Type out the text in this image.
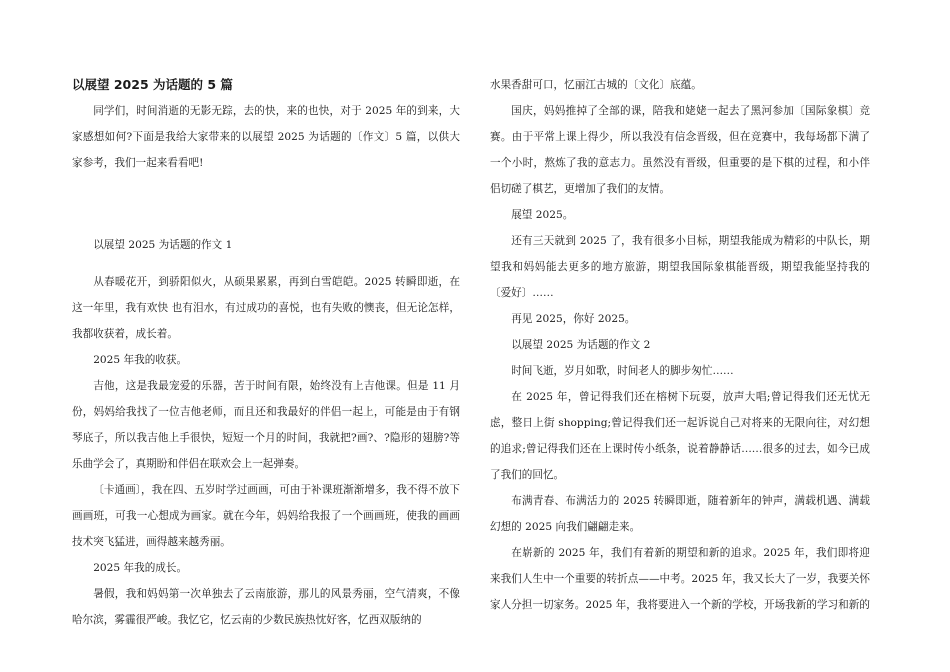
以展望 2025 为话题的 5 篇

同学们，时间消逝的无影无踪，去的快，来的也快，对于 2025 年的到来，大家感想如何?下面是我给大家带来的以展望 2025 为话题的〔作文〕5 篇，以供大家参考，我们一起来看看吧!

以展望 2025 为话题的作文 1

从春暖花开，到骄阳似火，从硕果累累，再到白雪皑皑。2025 转瞬即逝，在这一年里，我有欢快 也有泪水，有过成功的喜悦，也有失败的懊丧，但无论怎样，我都收获着，成长着。

2025 年我的收获。

吉他，这是我最宠爱的乐器，苦于时间有限，始终没有上吉他课。但是 11 月份，妈妈给我找了一位吉他老师，而且还和我最好的伴侣一起上，可能是由于有钢琴底子，所以我吉他上手很快，短短一个月的时间，我就把?画?、?隐形的翅膀?等乐曲学会了，真期盼和伴侣在联欢会上一起弹奏。

〔卡通画〕，我在四、五岁时学过画画，可由于补课班渐渐增多，我不得不放下画画班，可我一心想成为画家。就在今年，妈妈给我报了一个画画班，使我的画画技术突飞猛进，画得越来越秀丽。

2025 年我的成长。

暑假，我和妈妈第一次单独去了云南旅游，那儿的风景秀丽，空气清爽，不像哈尔滨，雾霾很严峻。我忆它，忆云南的少数民族热忱好客，忆西双版纳的

水果香甜可口，忆丽江古城的〔文化〕底蕴。

国庆，妈妈推掉了全部的课，陪我和姥姥一起去了黑河参加〔国际象棋〕竞赛。由于平常上课上得少，所以我没有信念晋级，但在竞赛中，我每场都下满了一个小时，熬炼了我的意志力。虽然没有晋级，但重要的是下棋的过程，和小伴侣切磋了棋艺，更增加了我们的友情。

展望 2025。

还有三天就到 2025 了，我有很多小目标，期望我能成为精彩的中队长，期望我和妈妈能去更多的地方旅游，期望我国际象棋能晋级，期望我能坚持我的〔爱好〕……

再见 2025，你好 2025。

以展望 2025 为话题的作文 2

时间飞逝，岁月如歌，时间老人的脚步匆忙……

在 2025 年，曾记得我们还在榕树下玩耍，放声大唱;曾记得我们还无忧无虑，整日上街 shopping;曾记得我们还一起诉说自己对将来的无限向往，对幻想的追求;曾记得我们还在上课时传小纸条，说着静静话……很多的过去，如今已成了我们的回忆。

布满青春、布满活力的 2025 转瞬即逝，随着新年的钟声，满载机遇、满载幻想的 2025 向我们翩翩走来。

在崭新的 2025 年，我们有着新的期望和新的追求。2025 年，我们即将迎来我们人生中一个重要的转折点——中考。2025 年，我又长大了一岁，我要关怀家人分担一切家务。2025 年，我将要进入一个新的学校，开场我新的学习和新的
